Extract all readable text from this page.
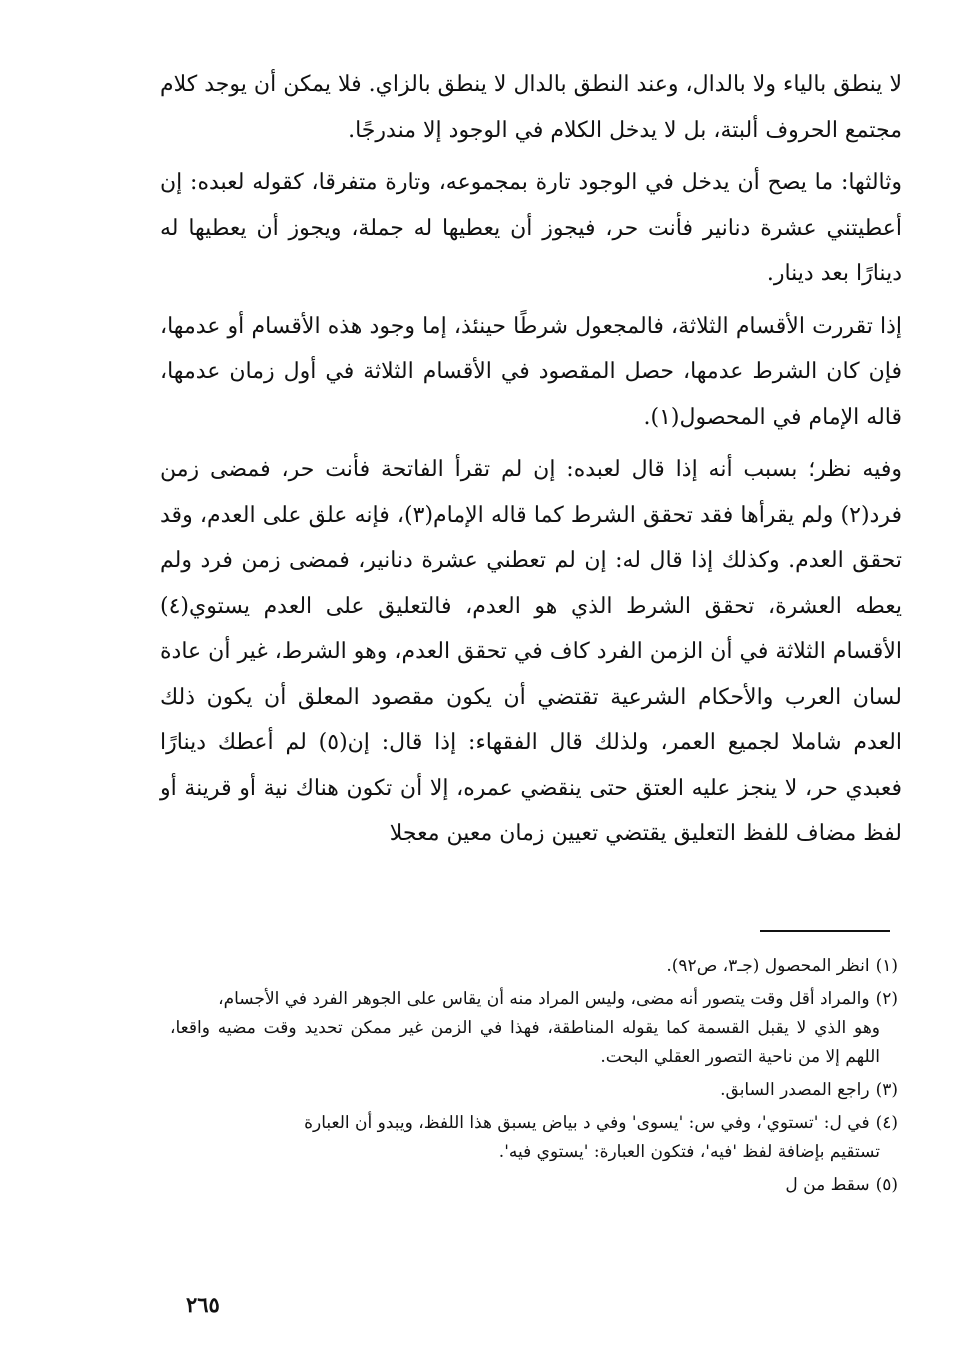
لا ينطق بالياء ولا بالدال، وعند النطق بالدال لا ينطق بالزاي. فلا يمكن أن يوجد كلام مجتمع الحروف ألبتة، بل لا يدخل الكلام في الوجود إلا مندرجًا.

وثالثها: ما يصح أن يدخل في الوجود تارة بمجموعه، وتارة متفرقا، كقوله لعبده: إن أعطيتني عشرة دنانير فأنت حر، فيجوز أن يعطيها له جملة، ويجوز أن يعطيها له دينارًا بعد دينار.

إذا تقررت الأقسام الثلاثة، فالمجعول شرطًا حينئذ، إما وجود هذه الأقسام أو عدمها، فإن كان الشرط عدمها، حصل المقصود في الأقسام الثلاثة في أول زمان عدمها، قاله الإمام في المحصول(١).

وفيه نظر؛ بسبب أنه إذا قال لعبده: إن لم تقرأ الفاتحة فأنت حر، فمضى زمن فرد(٢) ولم يقرأها فقد تحقق الشرط كما قاله الإمام(٣)، فإنه علق على العدم، وقد تحقق العدم. وكذلك إذا قال له: إن لم تعطني عشرة دنانير، فمضى زمن فرد ولم يعطه العشرة، تحقق الشرط الذي هو العدم، فالتعليق على العدم يستوي(٤) الأقسام الثلاثة في أن الزمن الفرد كاف في تحقق العدم، وهو الشرط، غير أن عادة لسان العرب والأحكام الشرعية تقتضي أن يكون مقصود المعلق أن يكون ذلك العدم شاملا لجميع العمر، ولذلك قال الفقهاء: إذا قال: إن(٥) لم أعطك دينارًا فعبدي حر، لا ينجز عليه العتق حتى ينقضي عمره، إلا أن تكون هناك نية أو قرينة أو لفظ مضاف للفظ التعليق يقتضي تعيين زمان معين معجلا

(١)انظر المحصول (جـ٣، ص٩٢).

(٢)والمراد أقل وقت يتصور أنه مضى، وليس المراد منه أن يقاس على الجوهر الفرد في الأجسام،
وهو الذي لا يقبل القسمة كما يقوله المناطقة، فهذا في الزمن غير ممكن تحديد وقت مضيه واقعا، اللهم إلا من ناحية التصور العقلي البحت.

(٣)راجع المصدر السابق.

(٤)في ل: 'تستوي'، وفي س: 'يسوى' وفي د بياض يسبق هذا اللفظ، ويبدو أن العبارة
تستقيم بإضافة لفظ 'فيه'، فتكون العبارة: 'يستوي فيه'.

(٥)سقط من ل

٢٦٥
